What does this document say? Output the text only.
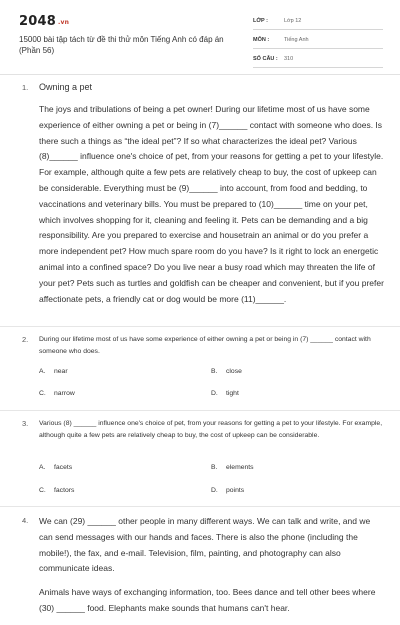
2048 .vn
15000 bài tập tách từ đề thi thử môn Tiếng Anh có đáp án (Phần 56)
LỚP :	Lớp 12
MÔN :	Tiếng Anh
SỐ CÂU : 310
1. Owning a pet
The joys and tribulations of being a pet owner! During our lifetime most of us have some experience of either owning a pet or being in (7)______ contact with someone who does. Is there such a things as “the ideal pet”? If so what characterizes the ideal pet? Various (8)______ influence one's choice of pet, from your reasons for getting a pet to your lifestyle. For example, although quite a few pets are relatively cheap to buy, the cost of upkeep can be considerable. Everything must be (9)______ into account, from food and bedding, to vaccinations and veterinary bills. You must be prepared to (10)______ time on your pet, which involves shopping for it, cleaning and feeling it. Pets can be demanding and a big responsibility. Are you prepared to exercise and housetrain an animal or do you prefer a more independent pet? How much spare room do you have? Is it right to lock an energetic animal into a confined space? Do you live near a busy road which may threaten the life of your pet? Pets such as turtles and goldfish can be cheaper and convenient, but if you prefer affectionate pets, a friendly cat or dog would be more (11)______.
2. During our lifetime most of us have some experience of either owning a pet or being in (7) ______ contact with someone who does.
A. near	B. close
C. narrow	D. tight
3. Various (8) ______ influence one's choice of pet, from your reasons for getting a pet to your lifestyle. For example, although quite a few pets are relatively cheap to buy, the cost of upkeep can be considerable.
A. facets	B. elements
C. factors	D. points
4. We can (29) ______ other people in many different ways. We can talk and write, and we can send messages with our hands and faces. There is also the phone (including the mobile!), the fax, and e-mail. Television, film, painting, and photography can also communicate ideas.

Animals have ways of exchanging information, too. Bees dance and tell other bees where (30) ______ food. Elephants make sounds that humans can't hear.
